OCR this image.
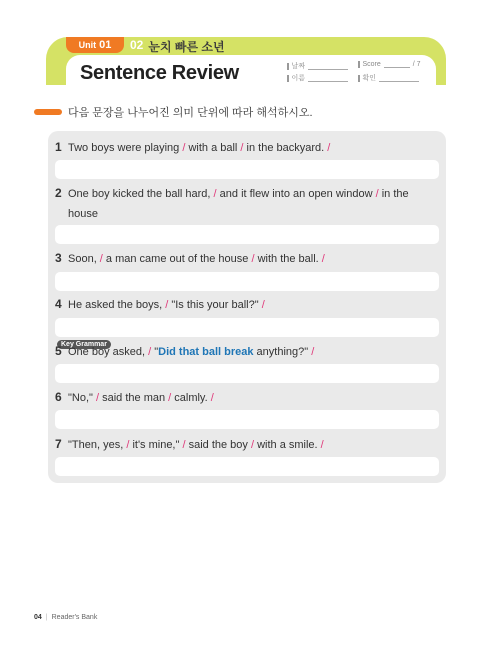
Unit 01 02 눈치 빠른 소년
Sentence Review	날짜
이름
Score	/ 7
확인
다음 문장을 나누어진 의미 단위에 따라 해석하시오.
1 Two boys were playing / with a ball / in the backyard. /
2 One boy kicked the ball hard, / and it flew into an open window / in the house

3 Soon, / a man came out of the house / with the ball. /
4 He asked the boys, / "Is this your ball?" /
Key Grammar
5 One boy asked, / "Did that ball break anything?" /
6 "No," / said the man / calmly. /
7 "Then, yes, / it's mine," / said the boy / with a smile. /
04 | Reader's Bank
